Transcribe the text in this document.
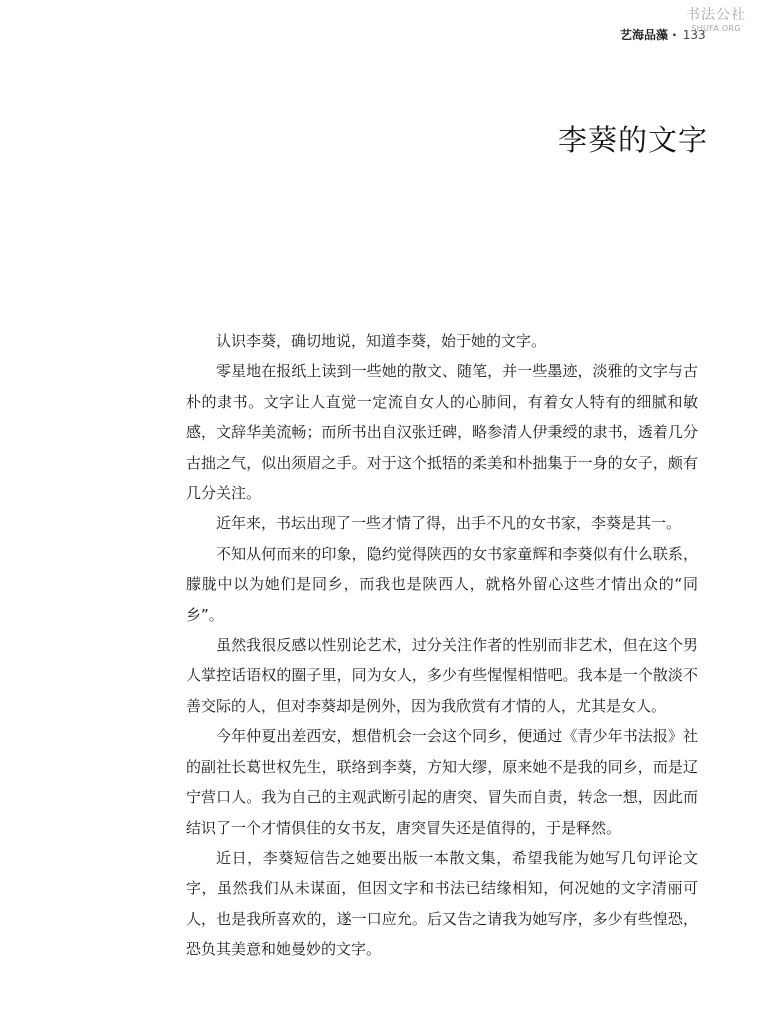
艺海品藻 · 133
书法公社
SHUFA.ORG
李葵的文字

认识李葵，确切地说，知道李葵，始于她的文字。

零星地在报纸上读到一些她的散文、随笔，并一些墨迹，淡雅的文字与古朴的隶书。文字让人直觉一定流自女人的心肺间，有着女人特有的细腻和敏感，文辞华美流畅；而所书出自汉张迁碑，略参清人伊秉绶的隶书，透着几分古拙之气，似出须眉之手。对于这个抵牾的柔美和朴拙集于一身的女子，颇有几分关注。

近年来，书坛出现了一些才情了得，出手不凡的女书家，李葵是其一。

不知从何而来的印象，隐约觉得陕西的女书家童辉和李葵似有什么联系，朦胧中以为她们是同乡，而我也是陕西人，就格外留心这些才情出众的“同乡”。

虽然我很反感以性别论艺术，过分关注作者的性别而非艺术，但在这个男人掌控话语权的圈子里，同为女人，多少有些惺惺相惜吧。我本是一个散淡不善交际的人，但对李葵却是例外，因为我欣赏有才情的人，尤其是女人。

今年仲夏出差西安，想借机会一会这个同乡，便通过《青少年书法报》社的副社长葛世权先生，联络到李葵，方知大缪，原来她不是我的同乡，而是辽宁营口人。我为自己的主观武断引起的唐突、冒失而自责，转念一想，因此而结识了一个才情俱佳的女书友，唐突冒失还是值得的，于是释然。

近日，李葵短信告之她要出版一本散文集，希望我能为她写几句评论文字，虽然我们从未谋面，但因文字和书法已结缘相知，何况她的文字清丽可人，也是我所喜欢的，遂一口应允。后又告之请我为她写序，多少有些惶恐，恐负其美意和她曼妙的文字。
